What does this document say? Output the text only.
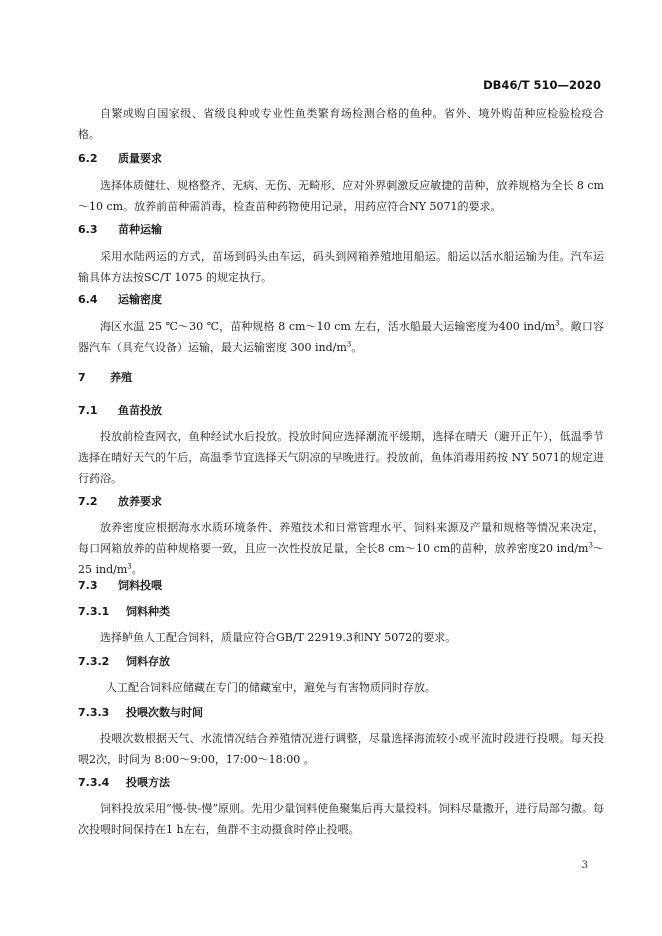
DB46/T 510—2020

自繁或购自国家级、省级良种或专业性鱼类繁育场检测合格的鱼种。省外、境外购苗种应检验检疫合格。

6.2 质量要求

选择体质健壮、规格整齐、无病、无伤、无畸形、应对外界刺激反应敏捷的苗种，放养规格为全长 8 cm～10 cm。放养前苗种需消毒，检查苗种药物使用记录，用药应符合NY 5071的要求。

6.3 苗种运输

采用水陆两运的方式，苗场到码头由车运，码头到网箱养殖地用船运。船运以活水船运输为佳。汽车运输具体方法按SC/T 1075 的规定执行。

6.4 运输密度

海区水温 25 ℃～30 ℃，苗种规格 8 cm～10 cm 左右，活水船最大运输密度为400 ind/$m^3$。敞口容器汽车（具充气设备）运输，最大运输密度 300 ind/$m^3$。

7 养殖
7.1 鱼苗投放

投放前检查网衣，鱼种经试水后投放。投放时间应选择潮流平缓期，选择在晴天（避开正午），低温季节选择在晴好天气的午后，高温季节宜选择天气阴凉的早晚进行。投放前，鱼体消毒用药按 NY 5071的规定进行药浴。

7.2 放养要求

放养密度应根据海水水质环境条件、养殖技术和日常管理水平、饲料来源及产量和规格等情况来决定，每口网箱放养的苗种规格要一致，且应一次性投放足量，全长8 cm～10 cm的苗种，放养密度20 ind/$m^3\sim 25$ ind/$m^3$。

7.3 饲料投喂
7.3.1 饲料种类

选择鲈鱼人工配合饲料，质量应符合GB/T 22919.3和NY 5072的要求。

7.3.2 饲料存放

人工配合饲料应储藏在专门的储藏室中，避免与有害物质同时存放。

7.3.3 投喂次数与时间

投喂次数根据天气、水流情况结合养殖情况进行调整，尽量选择海流较小或平流时段进行投喂。每天投喂2次，时间为 8:00～9:00，17:00～18:00 。

7.3.4 投喂方法

饲料投放采用“慢-快-慢”原则。先用少量饲料使鱼聚集后再大量投料。饲料尽量撒开，进行局部匀撒。每次投喂时间保持在1 h左右，鱼群不主动摄食时停止投喂。

3
